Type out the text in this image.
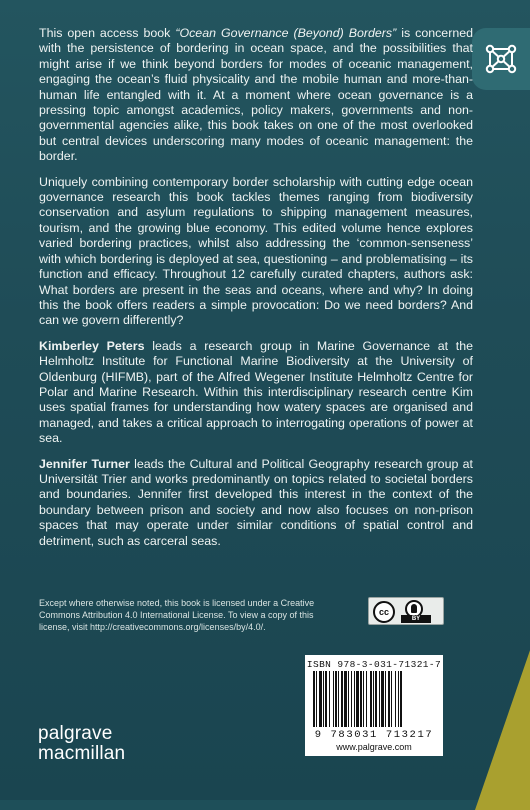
This open access book “Ocean Governance (Beyond) Borders” is concerned with the persistence of bordering in ocean space, and the possibilities that might arise if we think beyond borders for modes of oceanic management, engaging the ocean’s fluid physicality and the mobile human and more-than-human life entangled with it. At a moment where ocean governance is a pressing topic amongst academics, policy makers, governments and non-governmental agencies alike, this book takes on one of the most overlooked but central devices underscoring many modes of oceanic management: the border.

Uniquely combining contemporary border scholarship with cutting edge ocean governance research this book tackles themes ranging from biodiversity conservation and asylum regulations to shipping management measures, tourism, and the growing blue economy. This edited volume hence explores varied bordering practices, whilst also addressing the ‘common-senseness’ with which bordering is deployed at sea, questioning – and problematising – its function and efficacy. Throughout 12 carefully curated chapters, authors ask: What borders are present in the seas and oceans, where and why? In doing this the book offers readers a simple provocation: Do we need borders? And can we govern differently?

Kimberley Peters leads a research group in Marine Governance at the Helmholtz Institute for Functional Marine Biodiversity at the University of Oldenburg (HIFMB), part of the Alfred Wegener Institute Helmholtz Centre for Polar and Marine Research. Within this interdisciplinary research centre Kim uses spatial frames for understanding how watery spaces are organised and managed, and takes a critical approach to interrogating operations of power at sea.

Jennifer Turner leads the Cultural and Political Geography research group at Universität Trier and works predominantly on topics related to societal borders and boundaries. Jennifer first developed this interest in the context of the boundary between prison and society and now also focuses on non-prison spaces that may operate under similar conditions of spatial control and detriment, such as carceral seas.

Except where otherwise noted, this book is licensed under a Creative Commons Attribution 4.0 International License. To view a copy of this license, visit http://creativecommons.org/licenses/by/4.0/.
cc
BY
ISBN 978-3-031-71321-7
9 783031 713217
www.palgrave.com
palgrave
macmillan
